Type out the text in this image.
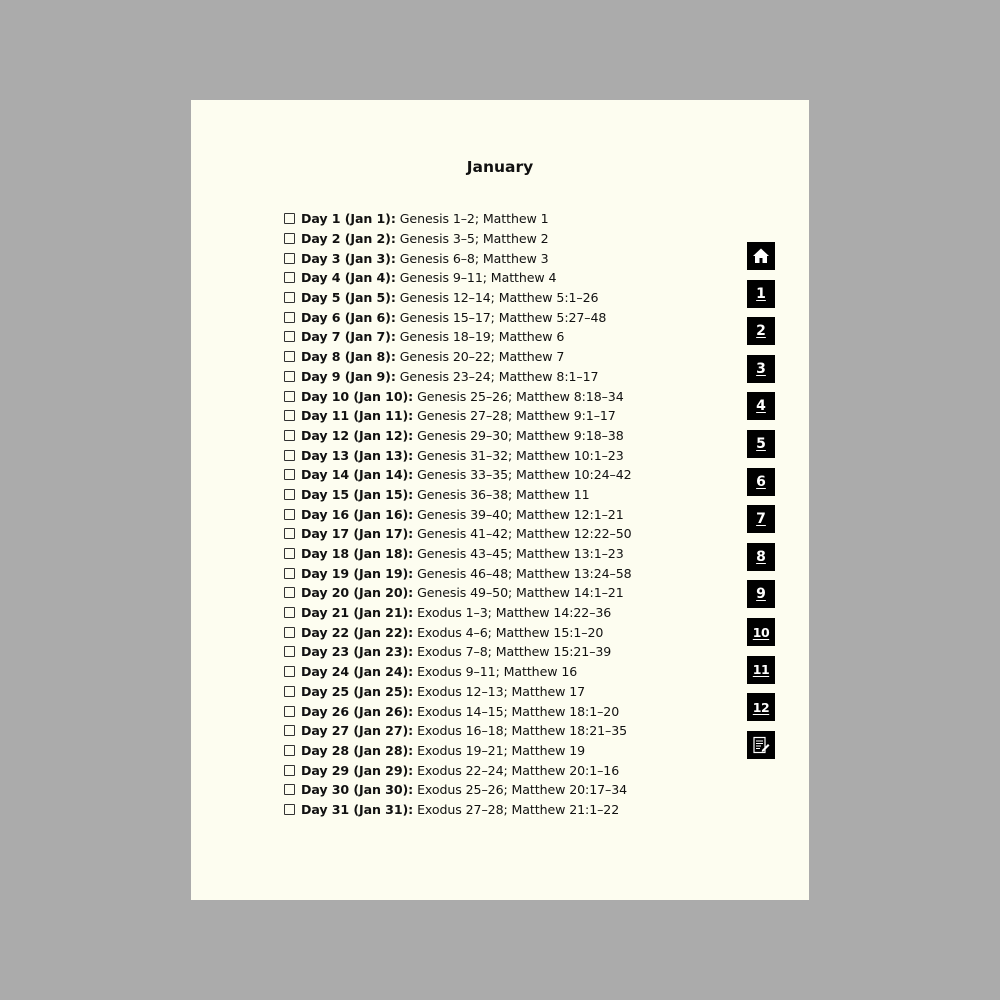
January
Day 1 (Jan 1): Genesis 1–2; Matthew 1
Day 2 (Jan 2): Genesis 3–5; Matthew 2
Day 3 (Jan 3): Genesis 6–8; Matthew 3
Day 4 (Jan 4): Genesis 9–11; Matthew 4
Day 5 (Jan 5): Genesis 12–14; Matthew 5:1–26
Day 6 (Jan 6): Genesis 15–17; Matthew 5:27–48
Day 7 (Jan 7): Genesis 18–19; Matthew 6
Day 8 (Jan 8): Genesis 20–22; Matthew 7
Day 9 (Jan 9): Genesis 23–24; Matthew 8:1–17
Day 10 (Jan 10): Genesis 25–26; Matthew 8:18–34
Day 11 (Jan 11): Genesis 27–28; Matthew 9:1–17
Day 12 (Jan 12): Genesis 29–30; Matthew 9:18–38
Day 13 (Jan 13): Genesis 31–32; Matthew 10:1–23
Day 14 (Jan 14): Genesis 33–35; Matthew 10:24–42
Day 15 (Jan 15): Genesis 36–38; Matthew 11
Day 16 (Jan 16): Genesis 39–40; Matthew 12:1–21
Day 17 (Jan 17): Genesis 41–42; Matthew 12:22–50
Day 18 (Jan 18): Genesis 43–45; Matthew 13:1–23
Day 19 (Jan 19): Genesis 46–48; Matthew 13:24–58
Day 20 (Jan 20): Genesis 49–50; Matthew 14:1–21
Day 21 (Jan 21): Exodus 1–3; Matthew 14:22–36
Day 22 (Jan 22): Exodus 4–6; Matthew 15:1–20
Day 23 (Jan 23): Exodus 7–8; Matthew 15:21–39
Day 24 (Jan 24): Exodus 9–11; Matthew 16
Day 25 (Jan 25): Exodus 12–13; Matthew 17
Day 26 (Jan 26): Exodus 14–15; Matthew 18:1–20
Day 27 (Jan 27): Exodus 16–18; Matthew 18:21–35
Day 28 (Jan 28): Exodus 19–21; Matthew 19
Day 29 (Jan 29): Exodus 22–24; Matthew 20:1–16
Day 30 (Jan 30): Exodus 25–26; Matthew 20:17–34
Day 31 (Jan 31): Exodus 27–28; Matthew 21:1–22
1
2
3
4
5
6
7
8
9
10
11
12
